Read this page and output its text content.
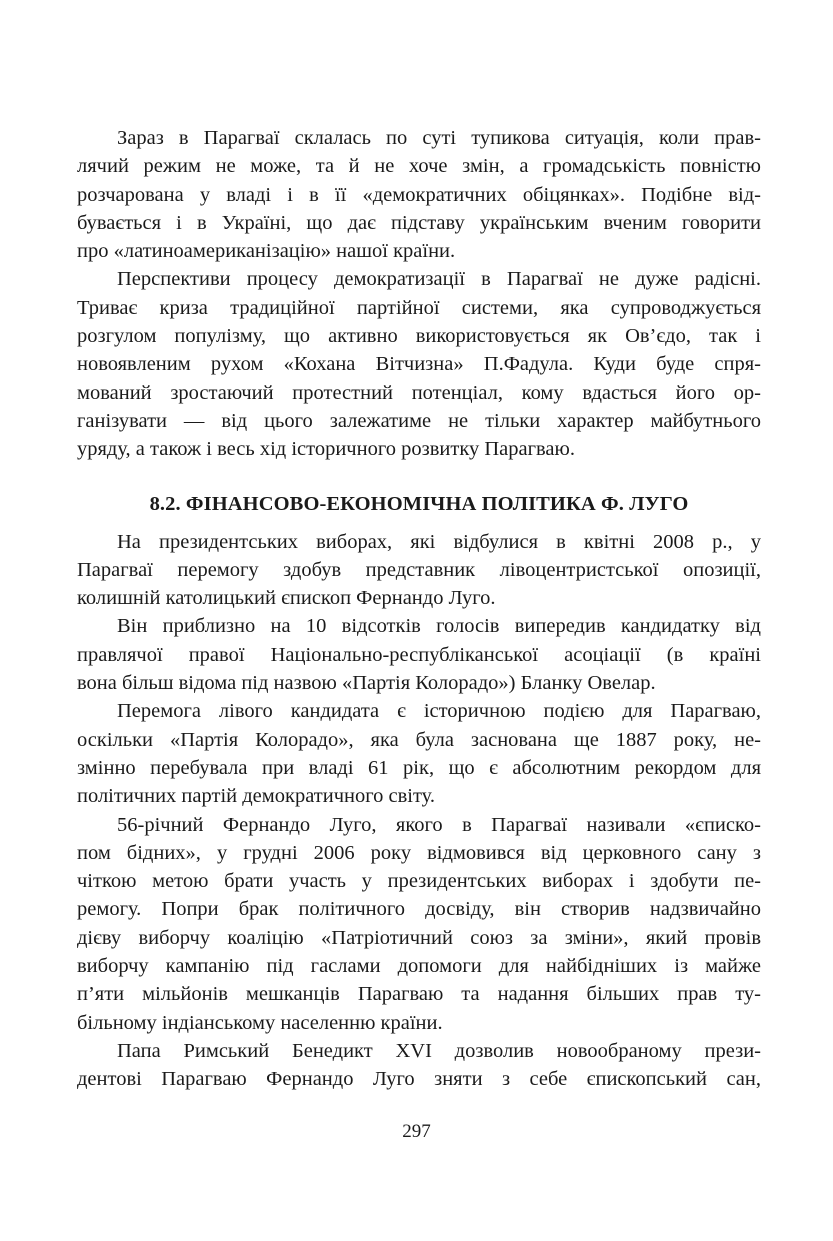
Зараз в Парагваї склалась по суті тупикова ситуація, коли прав-
лячий режим не може, та й не хоче змін, а громадськість повністю
розчарована у владі і в її «демократичних обіцянках». Подібне від-
бувається і в Україні, що дає підставу українським вченим говорити
про «латиноамериканізацію» нашої країни.
Перспективи процесу демократизації в Парагваї не дуже радісні.
Триває криза традиційної партійної системи, яка супроводжується
розгулом популізму, що активно використовується як Ов’єдо, так і
новоявленим рухом «Кохана Вітчизна» П.Фадула. Куди буде спря-
мований зростаючий протестний потенціал, кому вдасться його ор-
ганізувати — від цього залежатиме не тільки характер майбутнього
уряду, а також і весь хід історичного розвитку Парагваю.
8.2. ФІНАНСОВО-ЕКОНОМІЧНА ПОЛІТИКА Ф. ЛУГО
На президентських виборах, які відбулися в квітні 2008 р., у
Парагваї перемогу здобув представник лівоцентристської опозиції,
колишній католицький єпископ Фернандо Луго.
Він приблизно на 10 відсотків голосів випередив кандидатку від
правлячої правої Національно-республіканської асоціації (в країні
вона більш відома під назвою «Партія Колорадо») Бланку Овелар.
Перемога лівого кандидата є історичною подією для Парагваю,
оскільки «Партія Колорадо», яка була заснована ще 1887 року, не-
змінно перебувала при владі 61 рік, що є абсолютним рекордом для
політичних партій демократичного світу.
56-річний Фернандо Луго, якого в Парагваї називали «єписко-
пом бідних», у грудні 2006 року відмовився від церковного сану з
чіткою метою брати участь у президентських виборах і здобути пе-
ремогу. Попри брак політичного досвіду, він створив надзвичайно
дієву виборчу коаліцію «Патріотичний союз за зміни», який провів
виборчу кампанію під гаслами допомоги для найбідніших із майже
п’яти мільйонів мешканців Парагваю та надання більших прав ту-
більному індіанському населенню країни.
Папа Римський Бенедикт XVI дозволив новообраному прези-
дентові Парагваю Фернандо Луго зняти з себе єпископський сан,
297
